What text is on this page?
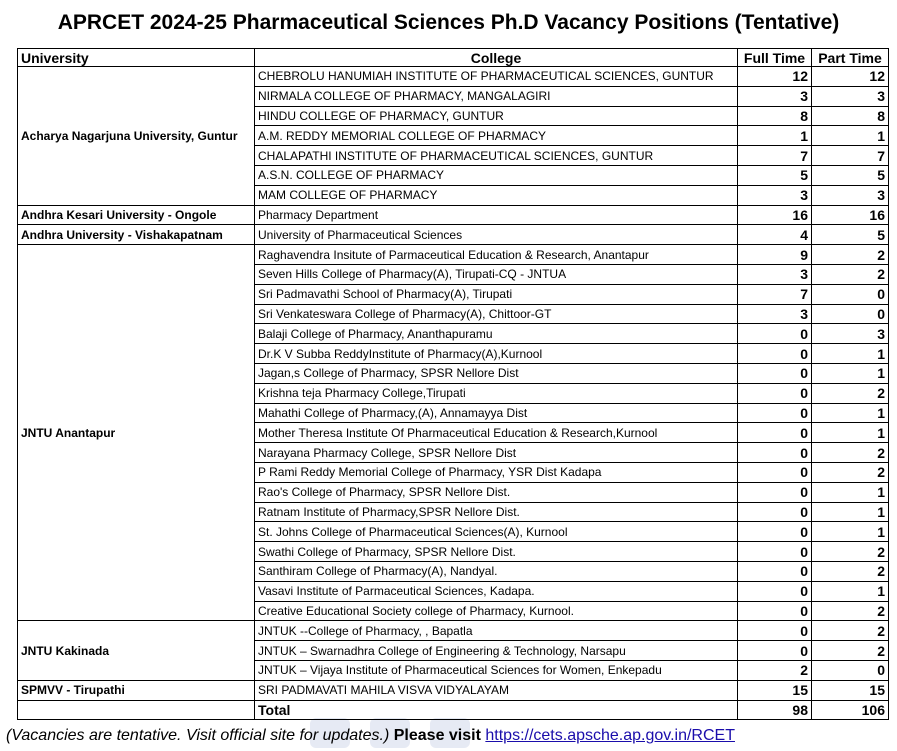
APRCET 2024-25 Pharmaceutical Sciences Ph.D Vacancy Positions (Tentative)
University	College	Full Time	Part Time
Acharya Nagarjuna University, Guntur	CHEBROLU HANUMIAH INSTITUTE OF PHARMACEUTICAL SCIENCES, GUNTUR	12	12
	NIRMALA COLLEGE OF PHARMACY, MANGALAGIRI	3	3
	HINDU COLLEGE OF PHARMACY, GUNTUR	8	8
	A.M. REDDY MEMORIAL COLLEGE OF PHARMACY	1	1
	CHALAPATHI INSTITUTE OF PHARMACEUTICAL SCIENCES, GUNTUR	7	7
	A.S.N. COLLEGE OF PHARMACY	5	5
	MAM COLLEGE OF PHARMACY	3	3
Andhra Kesari University - Ongole	Pharmacy Department	16	16
Andhra University - Vishakapatnam	University of Pharmaceutical Sciences	4	5
JNTU Anantapur	Raghavendra Insitute of Parmaceutical Education & Research, Anantapur	9	2
	Seven Hills College of Pharmacy(A), Tirupati-CQ - JNTUA	3	2
	Sri Padmavathi School of Pharmacy(A), Tirupati	7	0
	Sri Venkateswara College of Pharmacy(A), Chittoor-GT	3	0
	Balaji College of Pharmacy, Ananthapuramu	0	3
	Dr.K V Subba ReddyInstitute of Pharmacy(A),Kurnool	0	1
	Jagan,s College of Pharmacy, SPSR Nellore Dist	0	1
	Krishna teja Pharmacy College,Tirupati	0	2
	Mahathi College of Pharmacy,(A), Annamayya Dist	0	1
	Mother Theresa Institute Of Pharmaceutical Education & Research,Kurnool	0	1
	Narayana Pharmacy College, SPSR Nellore Dist	0	2
	P Rami Reddy Memorial College of Pharmacy, YSR Dist Kadapa	0	2
	Rao's College of Pharmacy, SPSR Nellore Dist.	0	1
	Ratnam Institute of Pharmacy,SPSR Nellore Dist.	0	1
	St. Johns College of Pharmaceutical Sciences(A), Kurnool	0	1
	Swathi College of Pharmacy, SPSR Nellore Dist.	0	2
	Santhiram College of Pharmacy(A), Nandyal.	0	2
	Vasavi Institute of Parmaceutical Sciences, Kadapa.	0	1
	Creative Educational Society college of Pharmacy, Kurnool.	0	2
JNTU Kakinada	JNTUK --College of Pharmacy, , Bapatla	0	2
	JNTUK – Swarnadhra College of Engineering & Technology, Narsapu	0	2
	JNTUK – Vijaya Institute of Pharmaceutical Sciences for Women, Enkepadu	2	0
SPMVV - Tirupathi	SRI PADMAVATI MAHILA VISVA VIDYALAYAM	15	15
	Total	98	106
(Vacancies are tentative. Visit official site for updates.) Please visit https://cets.apsche.ap.gov.in/RCET
